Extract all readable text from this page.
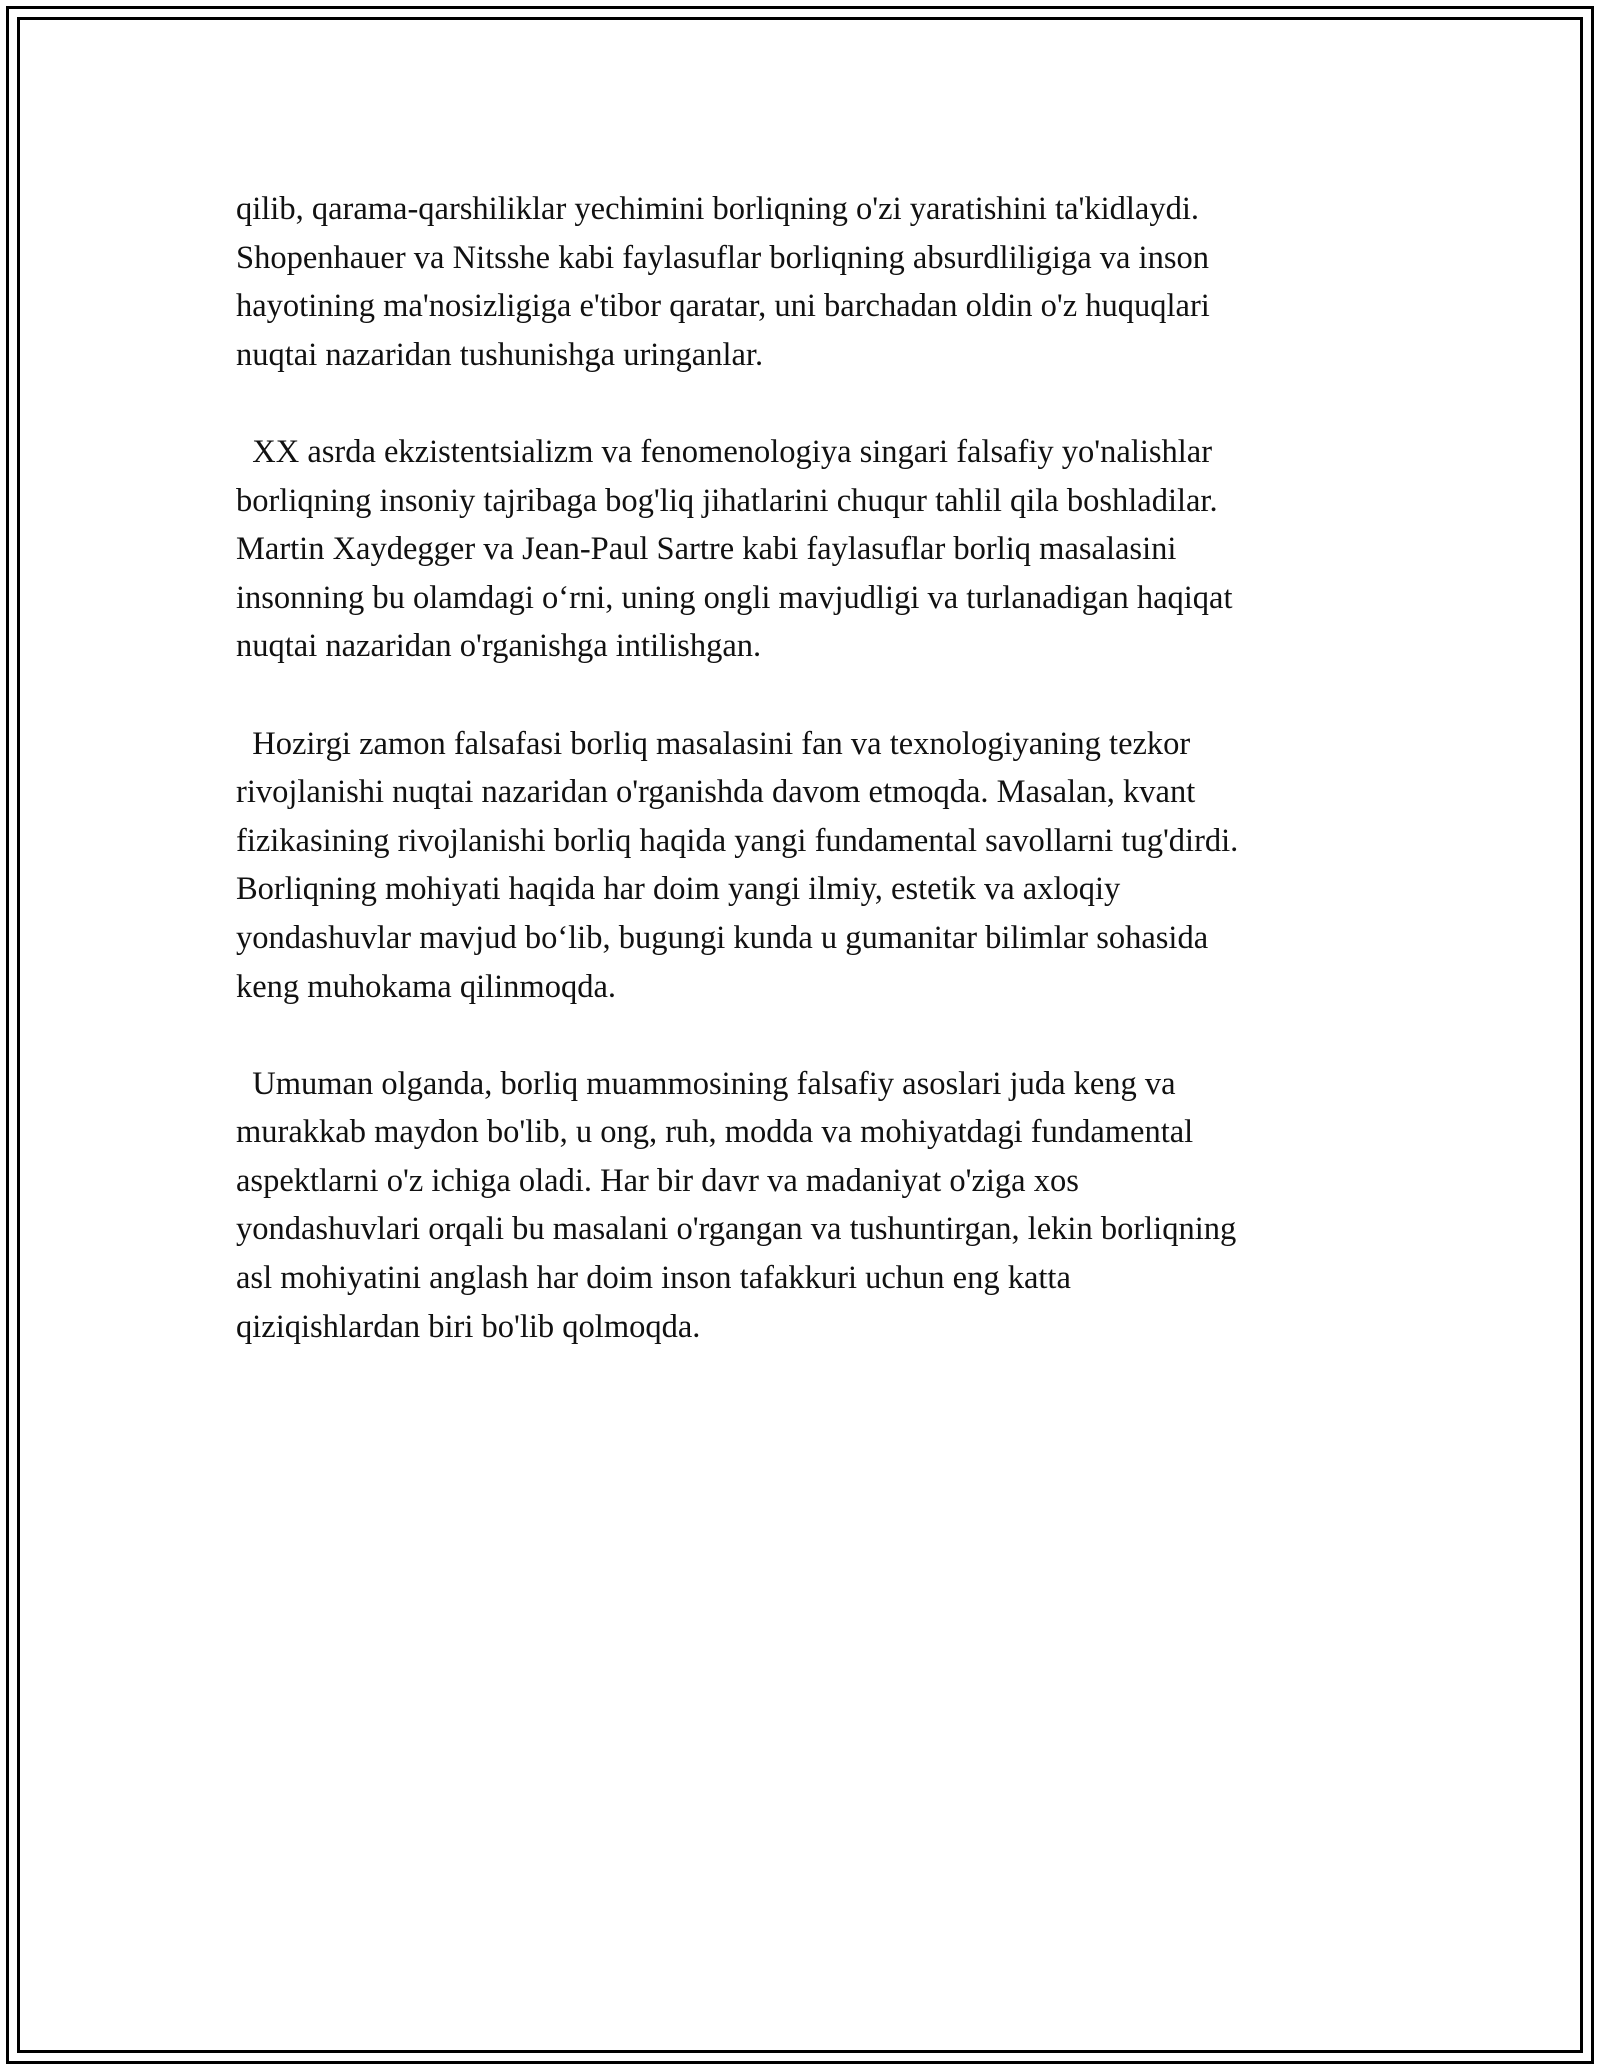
qilib, qarama-qarshiliklar yechimini borliqning o'zi yaratishini ta'kidlaydi.
Shopenhauer va Nitsshe kabi faylasuflar borliqning absurdliligiga va inson
hayotining ma'nosizligiga e'tibor qaratar, uni barchadan oldin o'z huquqlari
nuqtai nazaridan tushunishga uringanlar.

XX asrda ekzistentsializm va fenomenologiya singari falsafiy yo'nalishlar
borliqning insoniy tajribaga bog'liq jihatlarini chuqur tahlil qila boshladilar.
Martin Xaydegger va Jean-Paul Sartre kabi faylasuflar borliq masalasini
insonning bu olamdagi o‘rni, uning ongli mavjudligi va turlanadigan haqiqat
nuqtai nazaridan o'rganishga intilishgan.

Hozirgi zamon falsafasi borliq masalasini fan va texnologiyaning tezkor
rivojlanishi nuqtai nazaridan o'rganishda davom etmoqda. Masalan, kvant
fizikasining rivojlanishi borliq haqida yangi fundamental savollarni tug'dirdi.
Borliqning mohiyati haqida har doim yangi ilmiy, estetik va axloqiy
yondashuvlar mavjud bo‘lib, bugungi kunda u gumanitar bilimlar sohasida
keng muhokama qilinmoqda.

Umuman olganda, borliq muammosining falsafiy asoslari juda keng va
murakkab maydon bo'lib, u ong, ruh, modda va mohiyatdagi fundamental
aspektlarni o'z ichiga oladi. Har bir davr va madaniyat o'ziga xos
yondashuvlari orqali bu masalani o'rgangan va tushuntirgan, lekin borliqning
asl mohiyatini anglash har doim inson tafakkuri uchun eng katta
qiziqishlardan biri bo'lib qolmoqda.
